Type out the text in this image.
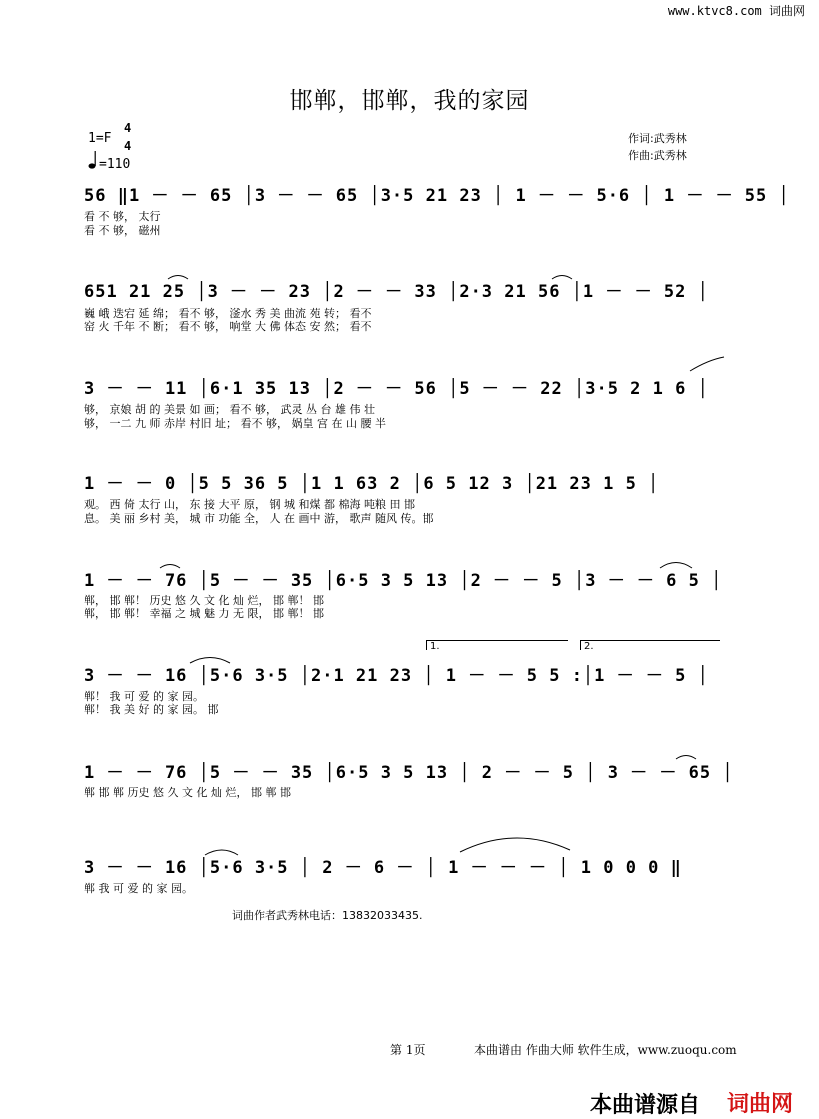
www.ktvc8.com 词曲网
邯郸，邯郸，我的家园
1=F
4
4
=110
作词:武秀林
作曲:武秀林
56 ‖1 － － 65 │3 － － 65 │3·5 21 23 │ 1 － － 5·6 │ 1 － － 55 │
看 不 够， 太行
看 不 够， 磁州
651 21 25 │3 － － 23 │2 － － 33 │2·3 21 56 │1 － － 52 │
巍 峨 迭宕 延 绵； 看不 够， 滏水 秀 美 曲流 苑 转； 看不
窑 火 千年 不 断； 看不 够， 响堂 大 佛 体态 安 然； 看不
3 － － 11 │6·1 35 13 │2 － － 56 │5 － － 22 │3·5 2 1 6 │
够， 京娘 胡 的 美景 如 画； 看不 够， 武灵 丛 台 雄 伟 壮
够， 一二 九 师 赤岸 村旧 址； 看不 够， 娲皇 宫 在 山 腰 半
1 － － 0 │5 5 36 5 │1 1 63 2 │6 5 12 3 │21 23 1 5 │
观。 西 倚 太行 山， 东 接 大平 原， 钢 城 和煤 都 棉海 吨粮 田 邯
息。 美 丽 乡村 美， 城 市 功能 全， 人 在 画中 游， 歌声 随风 传。邯
1 － － 76 │5 － － 35 │6·5 3 5 13 │2 － － 5 │3 － － 6 5 │
郸， 邯 郸！ 历史 悠 久 文 化 灿 烂， 邯 郸！ 邯
郸， 邯 郸！ 幸福 之 城 魅 力 无 限， 邯 郸！ 邯
1.	2.
3 － － 16 │5·6 3·5 │2·1 21 23 │ 1 － － 5 5 :│1 － － 5 │
郸！ 我 可 爱 的 家 园。
郸！ 我 美 好 的 家 园。 邯
1 － － 76 │5 － － 35 │6·5 3 5 13 │ 2 － － 5 │ 3 － － 65 │
郸 邯 郸 历史 悠 久 文 化 灿 烂， 邯 郸 邯
3 － － 16 │5·6 3·5 │ 2 － 6 － │ 1 － － － │ 1 0 0 0 ‖
郸 我 可 爱 的 家 园。
词曲作者武秀林电话：13832033435.
第 1页	本曲谱由 作曲大师 软件生成，www.zuoqu.com
本曲谱源自 词曲网
